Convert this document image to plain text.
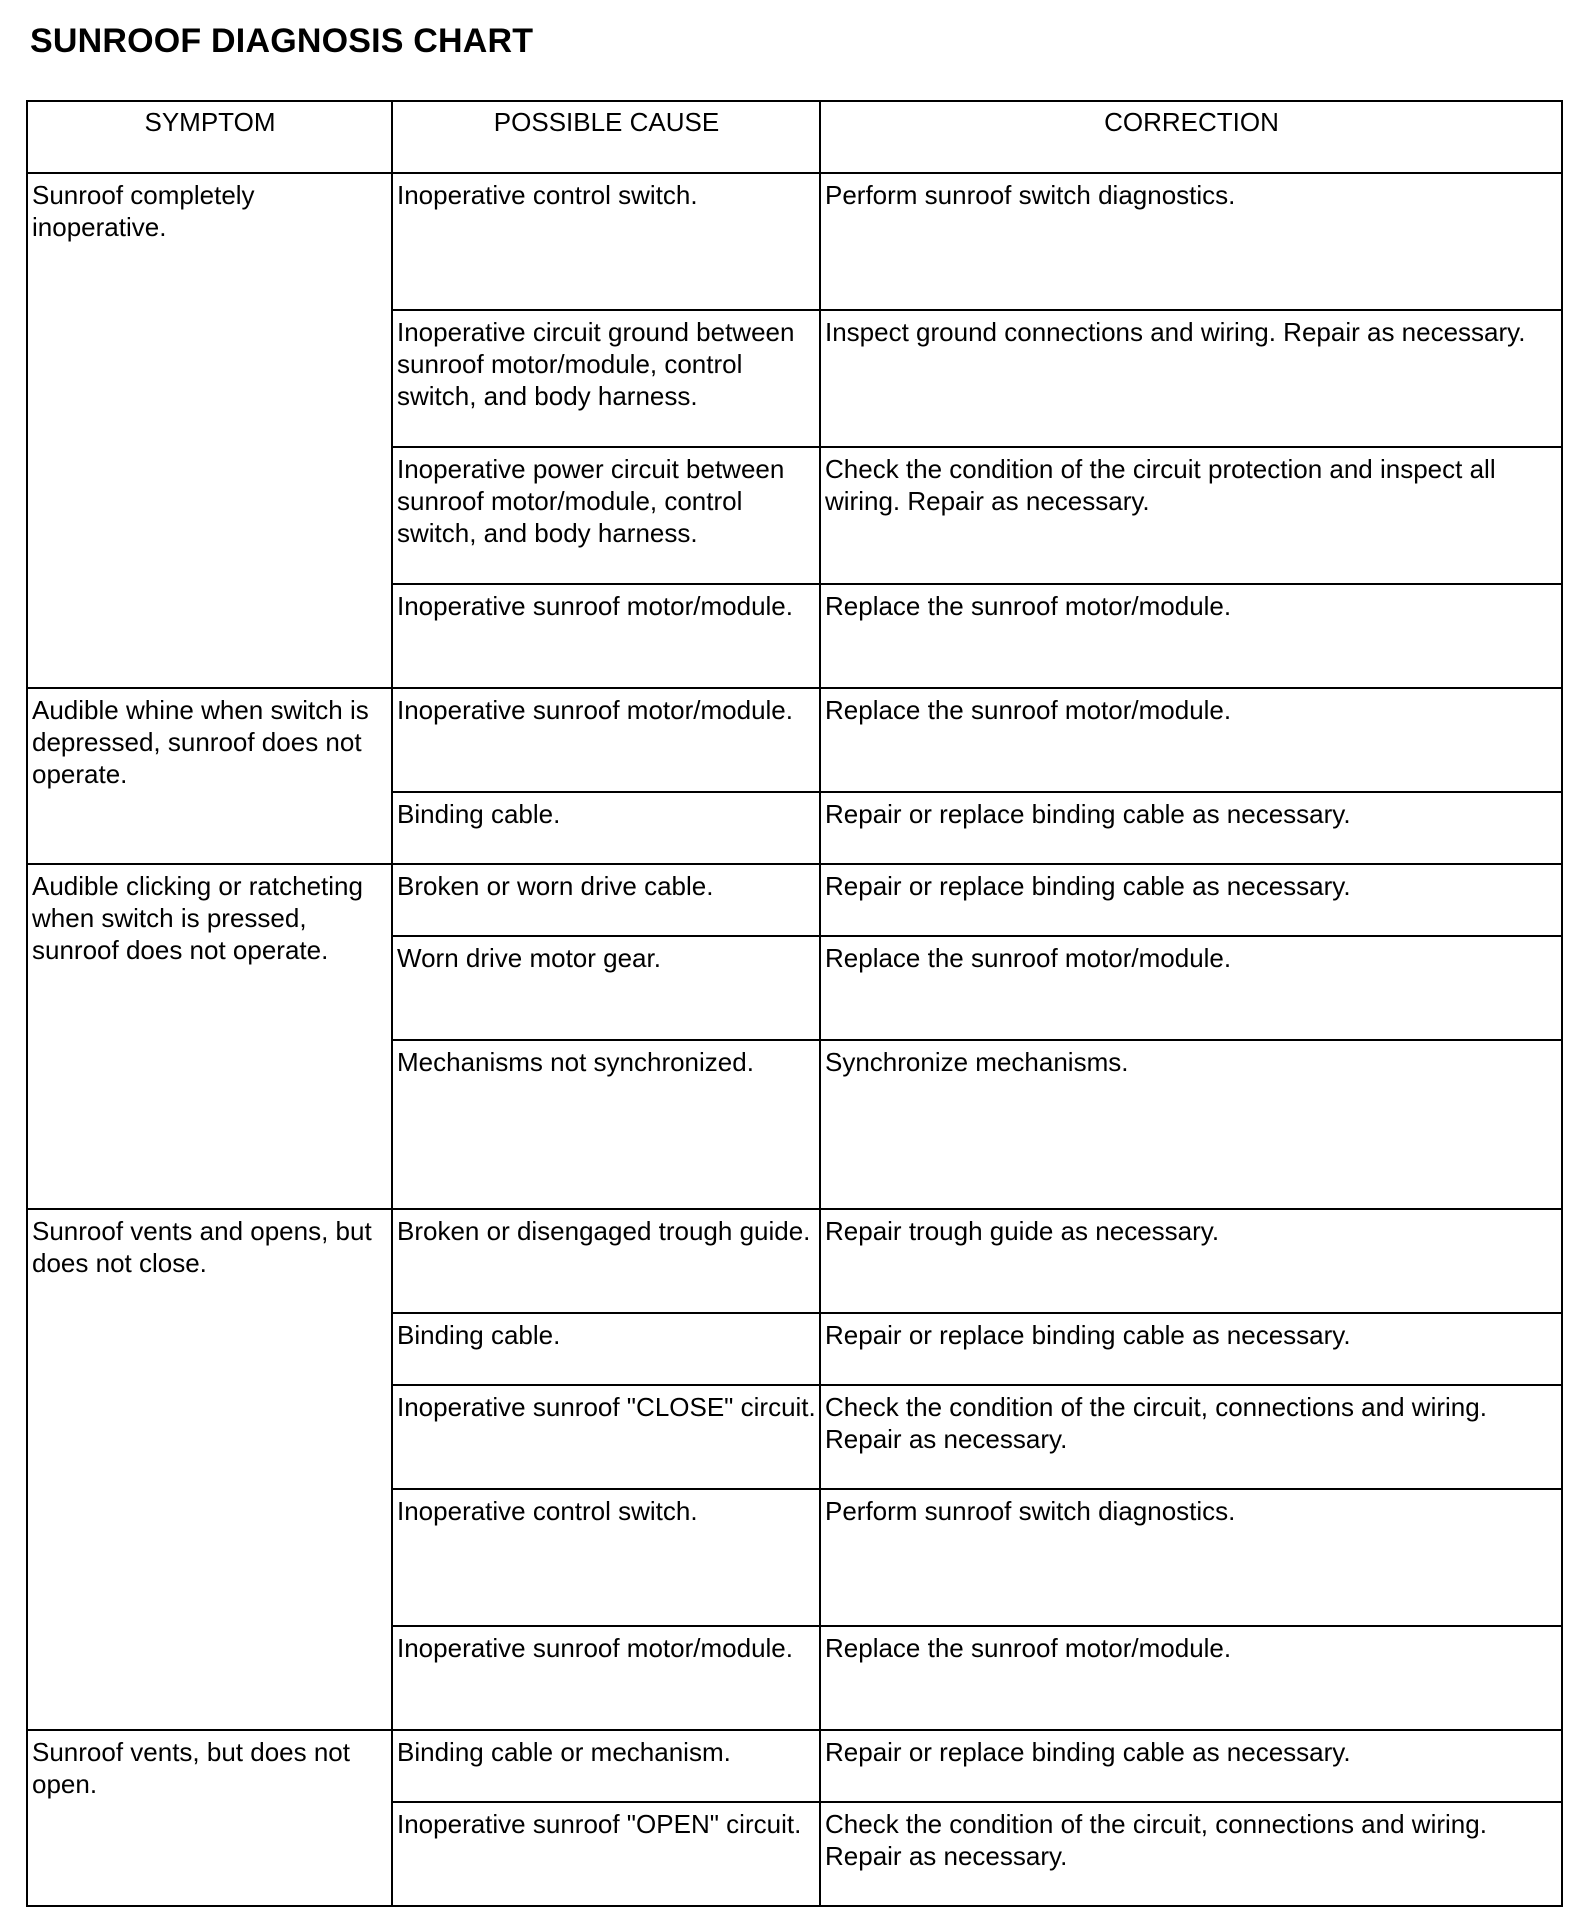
SUNROOF DIAGNOSIS CHART
SYMPTOM	POSSIBLE CAUSE	CORRECTION
Sunroof completely inoperative.	Inoperative control switch.	Perform sunroof switch diagnostics.
	Inoperative circuit ground between sunroof motor/module, control switch, and body harness.	Inspect ground connections and wiring. Repair as necessary.
	Inoperative power circuit between sunroof motor/module, control switch, and body harness.	Check the condition of the circuit protection and inspect all wiring. Repair as necessary.
	Inoperative sunroof motor/module.	Replace the sunroof motor/module.
Audible whine when switch is depressed, sunroof does not operate.	Inoperative sunroof motor/module.	Replace the sunroof motor/module.
	Binding cable.	Repair or replace binding cable as necessary.
Audible clicking or ratcheting when switch is pressed, sunroof does not operate.	Broken or worn drive cable.	Repair or replace binding cable as necessary.
	Worn drive motor gear.	Replace the sunroof motor/module.
	Mechanisms not synchronized.	Synchronize mechanisms.
Sunroof vents and opens, but does not close.	Broken or disengaged trough guide.	Repair trough guide as necessary.
	Binding cable.	Repair or replace binding cable as necessary.
	Inoperative sunroof "CLOSE" circuit.	Check the condition of the circuit, connections and wiring. Repair as necessary.
	Inoperative control switch.	Perform sunroof switch diagnostics.
	Inoperative sunroof motor/module.	Replace the sunroof motor/module.
Sunroof vents, but does not open.	Binding cable or mechanism.	Repair or replace binding cable as necessary.
	Inoperative sunroof "OPEN" circuit.	Check the condition of the circuit, connections and wiring. Repair as necessary.
